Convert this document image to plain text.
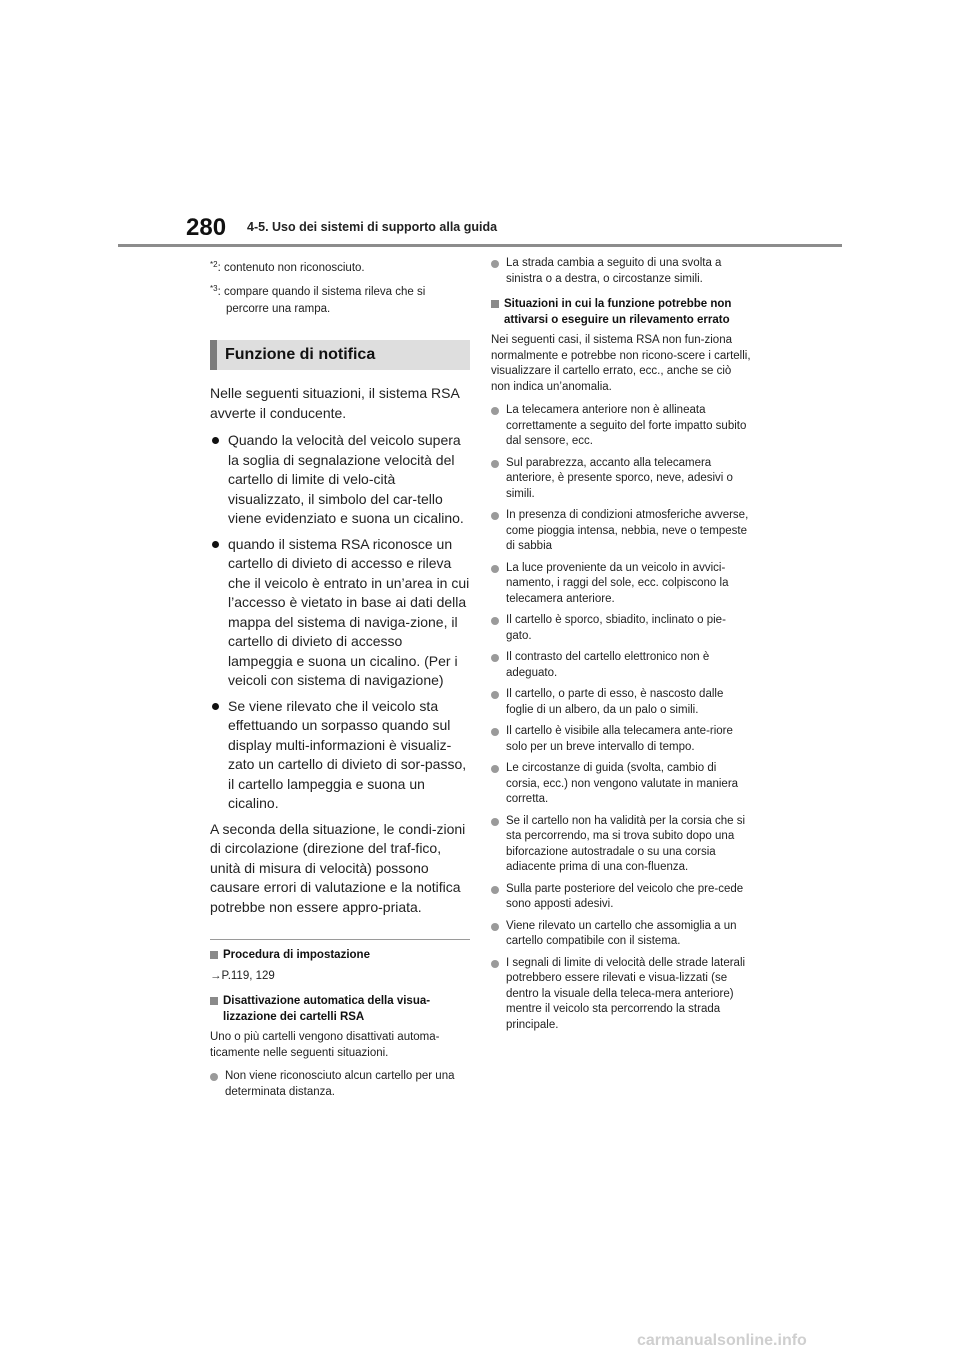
280 4-5. Uso dei sistemi di supporto alla guida

$^{*2}$: contenuto non riconosciuto.

$^{*3}$: compare quando il sistema rileva che si percorre una rampa.

Funzione di notifica

Nelle seguenti situazioni, il sistema RSA avverte il conducente.

Quando la velocità del veicolo supera la soglia di segnalazione velocità del cartello di limite di velo-cità visualizzato, il simbolo del car-tello viene evidenziato e suona un cicalino.
quando il sistema RSA riconosce un cartello di divieto di accesso e rileva che il veicolo è entrato in un’area in cui l’accesso è vietato in base ai dati della mappa del sistema di naviga-zione, il cartello di divieto di accesso lampeggia e suona un cicalino. (Per i veicoli con sistema di navigazione)
Se viene rilevato che il veicolo sta effettuando un sorpasso quando sul display multi-informazioni è visualiz-zato un cartello di divieto di sor-passo, il cartello lampeggia e suona un cicalino.

A seconda della situazione, le condi-zioni di circolazione (direzione del traf-fico, unità di misura di velocità) possono causare errori di valutazione e la notifica potrebbe non essere appro-priata.

Procedura di impostazione

→P.119, 129

Disattivazione automatica della visua-lizzazione dei cartelli RSA

Uno o più cartelli vengono disattivati automa-ticamente nelle seguenti situazioni.

Non viene riconosciuto alcun cartello per una determinata distanza.
La strada cambia a seguito di una svolta a sinistra o a destra, o circostanze simili.
Situazioni in cui la funzione potrebbe non attivarsi o eseguire un rilevamento errato

Nei seguenti casi, il sistema RSA non fun-ziona normalmente e potrebbe non ricono-scere i cartelli, visualizzare il cartello errato, ecc., anche se ciò non indica un’anomalia.

La telecamera anteriore non è allineata correttamente a seguito del forte impatto subito dal sensore, ecc.
Sul parabrezza, accanto alla telecamera anteriore, è presente sporco, neve, adesivi o simili.
In presenza di condizioni atmosferiche avverse, come pioggia intensa, nebbia, neve o tempeste di sabbia
La luce proveniente da un veicolo in avvici-namento, i raggi del sole, ecc. colpiscono la telecamera anteriore.
Il cartello è sporco, sbiadito, inclinato o pie-gato.
Il contrasto del cartello elettronico non è adeguato.
Il cartello, o parte di esso, è nascosto dalle foglie di un albero, da un palo o simili.
Il cartello è visibile alla telecamera ante-riore solo per un breve intervallo di tempo.
Le circostanze di guida (svolta, cambio di corsia, ecc.) non vengono valutate in maniera corretta.
Se il cartello non ha validità per la corsia che si sta percorrendo, ma si trova subito dopo una biforcazione autostradale o su una corsia adiacente prima di una con-fluenza.
Sulla parte posteriore del veicolo che pre-cede sono apposti adesivi.
Viene rilevato un cartello che assomiglia a un cartello compatibile con il sistema.
I segnali di limite di velocità delle strade laterali potrebbero essere rilevati e visua-lizzati (se dentro la visuale della teleca-mera anteriore) mentre il veicolo sta percorrendo la strada principale.
carmanualsonline.info
